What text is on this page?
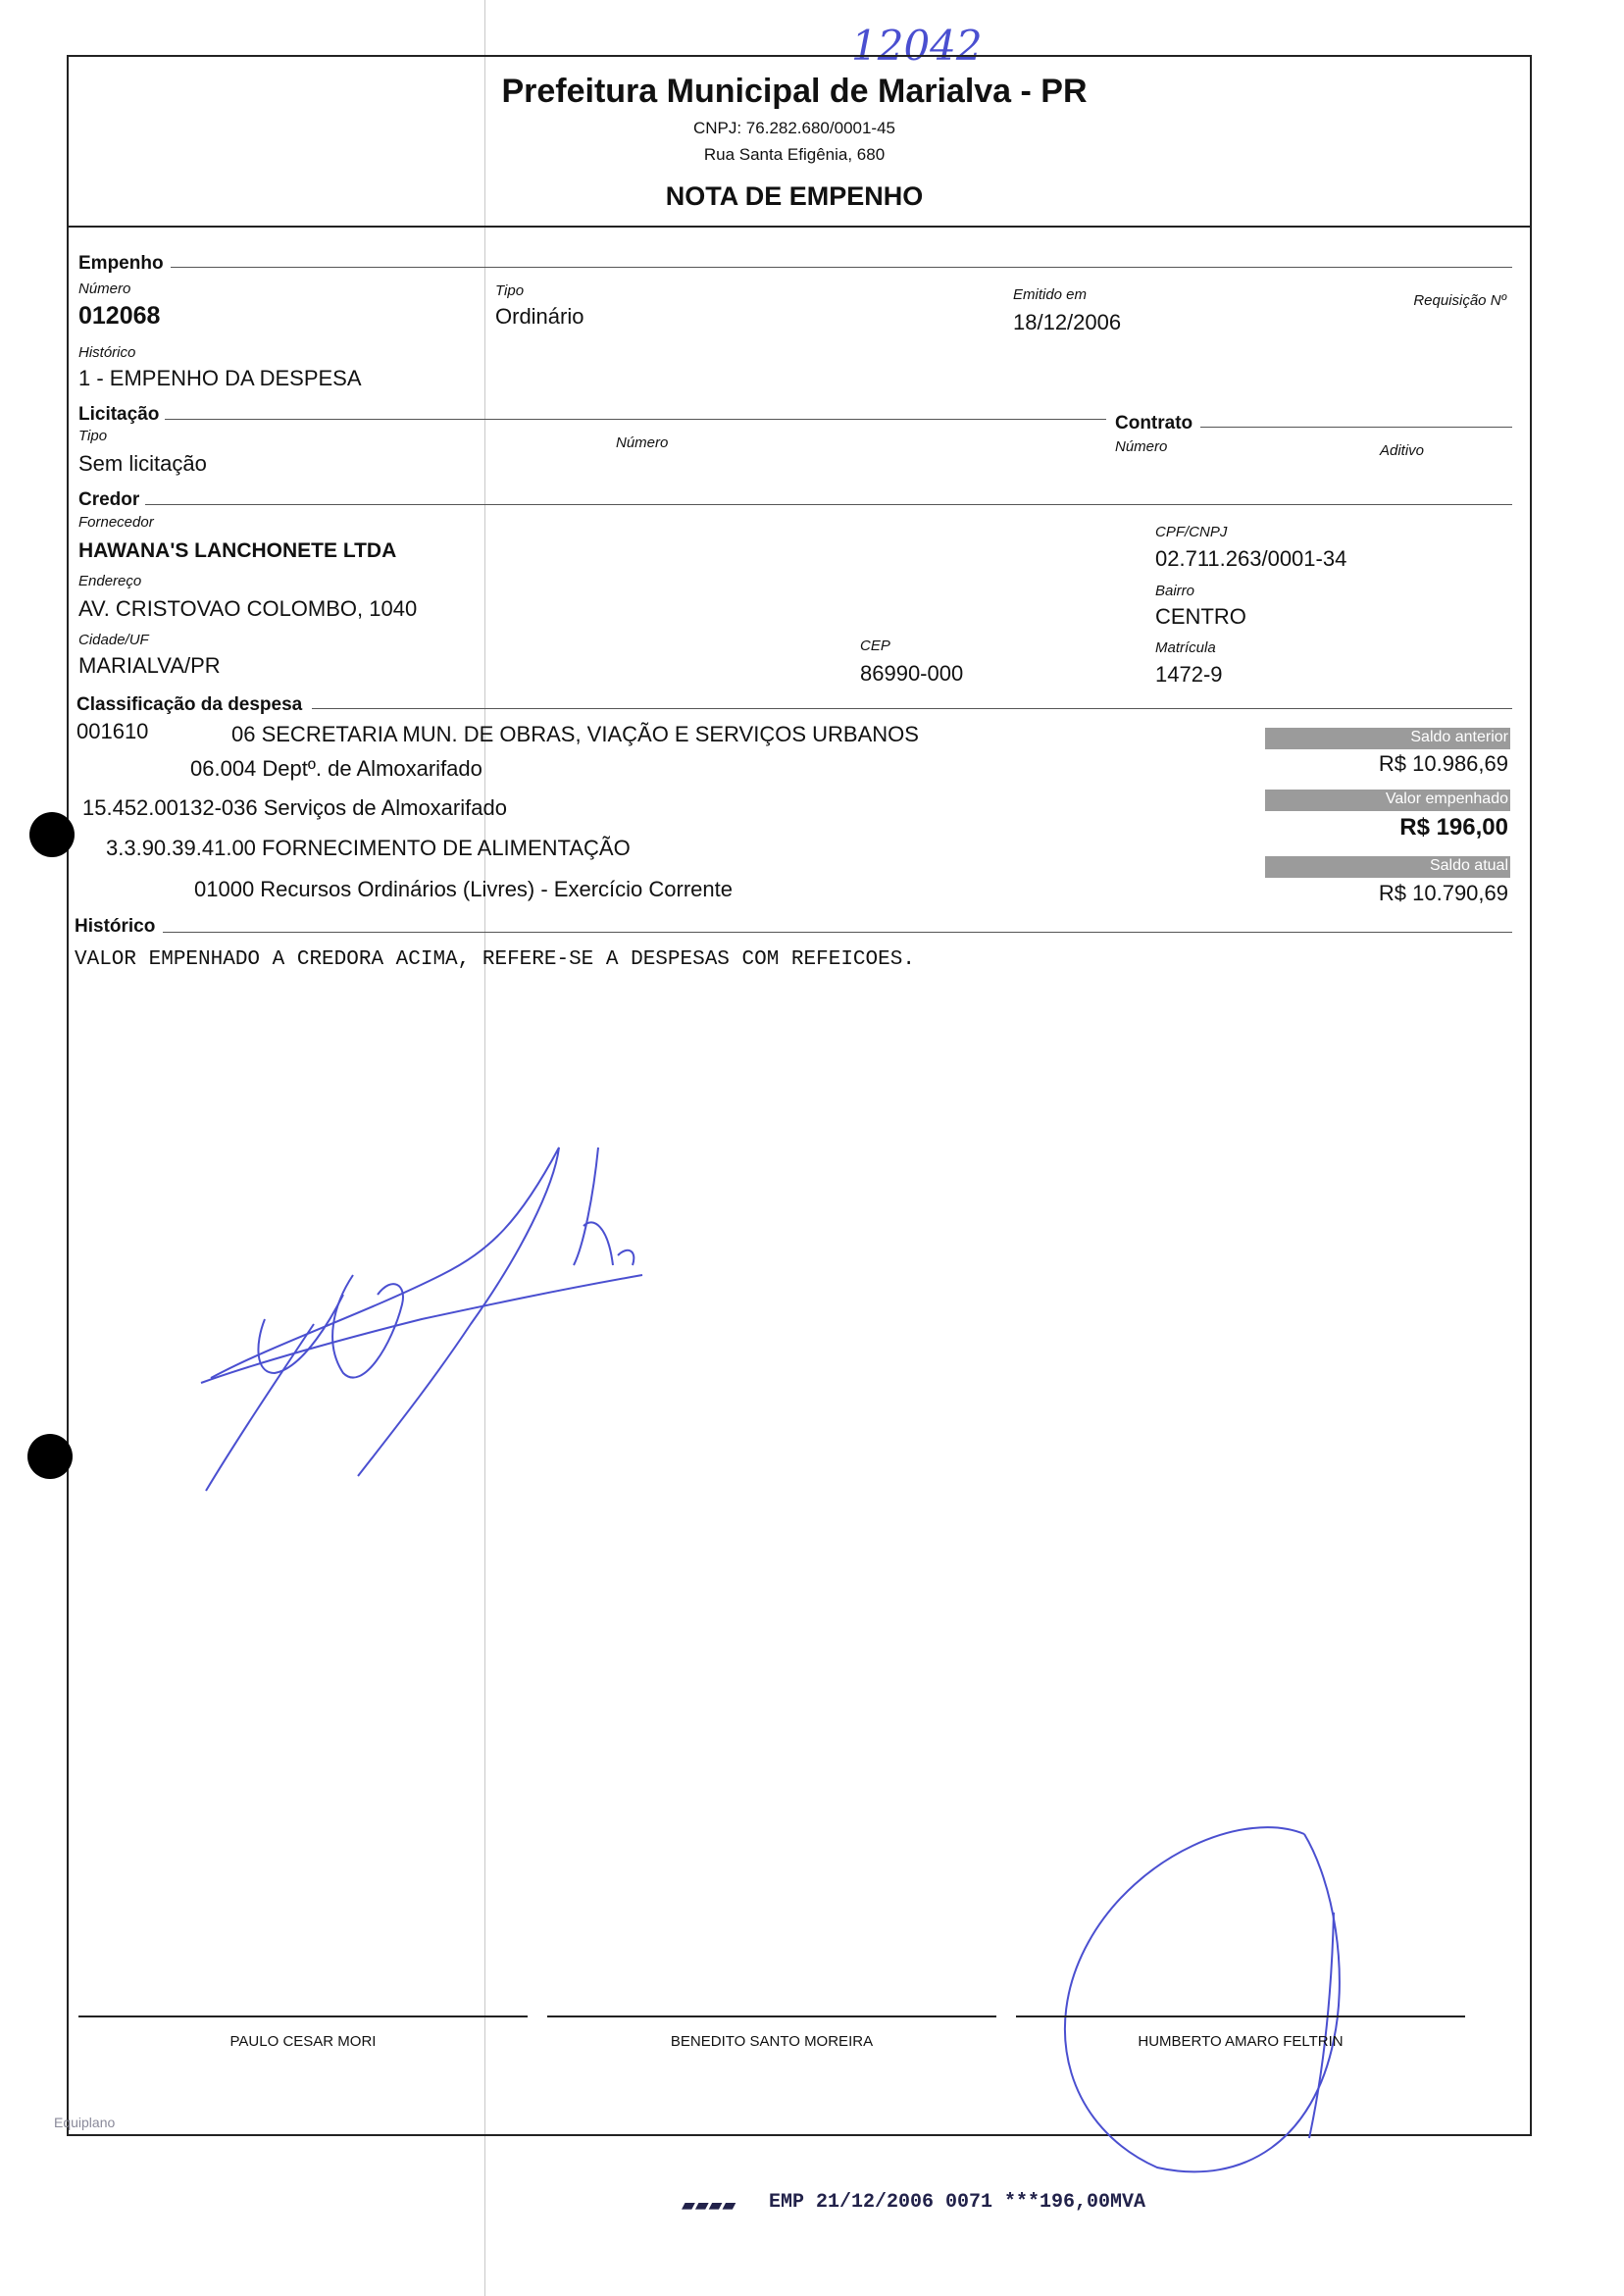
12042
Prefeitura Municipal de Marialva - PR
CNPJ: 76.282.680/0001-45
Rua Santa Efigênia, 680
NOTA DE EMPENHO
Empenho
Número
012068
Tipo
Ordinário
Emitido em
18/12/2006
Requisição Nº
Histórico
1 - EMPENHO DA DESPESA
Licitação
Tipo
Sem licitação
Número
Contrato
Número	Aditivo
Credor
Fornecedor
HAWANA'S LANCHONETE LTDA
CPF/CNPJ
02.711.263/0001-34
Endereço
AV. CRISTOVAO COLOMBO, 1040
Bairro
CENTRO
Cidade/UF
MARIALVA/PR
CEP
86990-000
Matrícula
1472-9
Classificação da despesa
001610	06 SECRETARIA MUN. DE OBRAS, VIAÇÃO E SERVIÇOS URBANOS
06.004 Deptº. de Almoxarifado
15.452.00132-036 Serviços de Almoxarifado
3.3.90.39.41.00 FORNECIMENTO DE ALIMENTAÇÃO
01000 Recursos Ordinários (Livres) - Exercício Corrente
Saldo anterior
R$ 10.986,69
Valor empenhado
R$ 196,00
Saldo atual
R$ 10.790,69
Histórico
VALOR EMPENHADO A CREDORA ACIMA, REFERE-SE A DESPESAS COM REFEICOES.
PAULO CESAR MORI	BENEDITO SANTO MOREIRA	HUMBERTO AMARO FELTRIN
Equiplano
▰▰▰▰ EMP 21/12/2006 0071 ***196,00MVA
